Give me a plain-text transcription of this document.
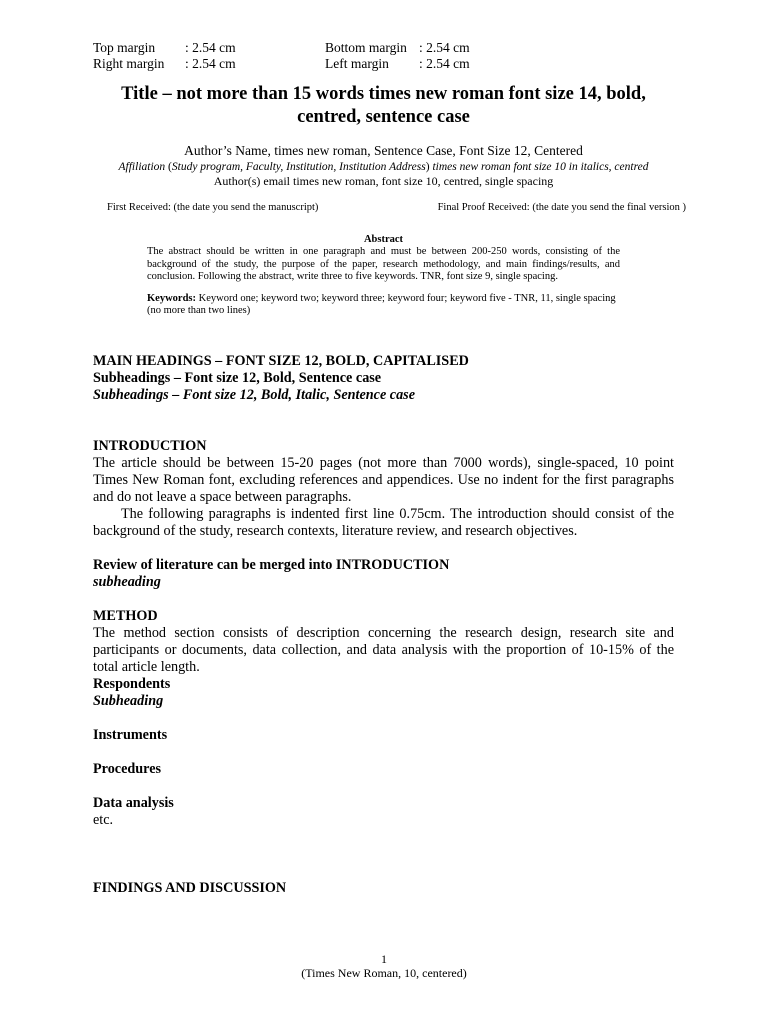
Top margin	: 2.54 cm	Bottom margin : 2.54 cm
Right margin	: 2.54 cm	Left margin	: 2.54 cm
Title – not more than 15 words times new roman font size 14, bold, centred, sentence case
Author’s Name, times new roman, Sentence Case, Font Size 12, Centered
Affiliation (Study program, Faculty, Institution, Institution Address) times new roman font size 10 in italics, centred
Author(s) email times new roman, font size 10, centred, single spacing
First Received: (the date you send the manuscript)	Final Proof Received: (the date you send the final version )
Abstract
The abstract should be written in one paragraph and must be between 200-250 words, consisting of the background of the study, the purpose of the paper, research methodology, and main findings/results, and conclusion. Following the abstract, write three to five keywords. TNR, font size 9, single spacing.
Keywords: Keyword one; keyword two; keyword three; keyword four; keyword five - TNR, 11, single spacing (no more than two lines)
MAIN HEADINGS – FONT SIZE 12, BOLD, CAPITALISED
Subheadings – Font size 12, Bold, Sentence case
Subheadings – Font size 12, Bold, Italic, Sentence case
INTRODUCTION
The article should be between 15-20 pages (not more than 7000 words), single-spaced, 10 point Times New Roman font, excluding references and appendices. Use no indent for the first paragraphs and do not leave a space between paragraphs.
The following paragraphs is indented first line 0.75cm. The introduction should consist of the background of the study, research contexts, literature review, and research objectives.
Review of literature can be merged into INTRODUCTION
subheading
METHOD
The method section consists of description concerning the research design, research site and participants or documents, data collection, and data analysis with the proportion of 10-15% of the total article length.
Respondents
Subheading
Instruments
Procedures
Data analysis
etc.
FINDINGS AND DISCUSSION
1
(Times New Roman, 10, centered)
